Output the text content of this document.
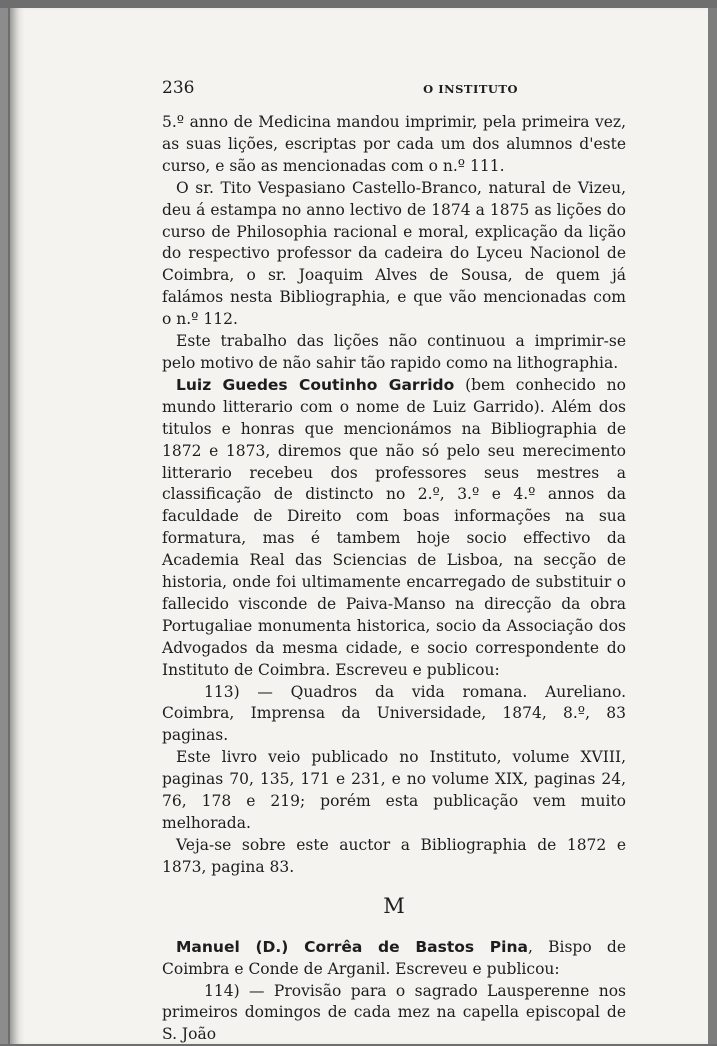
236	O INSTITUTO

5.º anno de Medicina mandou imprimir, pela primeira vez, as suas lições, escriptas por cada um dos alumnos d'este curso, e são as mencionadas com o n.º 111.

O sr. Tito Vespasiano Castello-Branco, natural de Vizeu, deu á estampa no anno lectivo de 1874 a 1875 as lições do curso de Philosophia racional e moral, explicação da lição do respectivo professor da cadeira do Lyceu Nacionol de Coimbra, o sr. Joaquim Alves de Sousa, de quem já falámos nesta Bibliographia, e que vão mencionadas com o n.º 112.

Este trabalho das lições não continuou a imprimir-se pelo motivo de não sahir tão rapido como na lithographia.

Luiz Guedes Coutinho Garrido (bem conhecido no mundo litterario com o nome de Luiz Garrido). Além dos titulos e honras que mencionámos na Bibliographia de 1872 e 1873, diremos que não só pelo seu merecimento litterario recebeu dos professores seus mestres a classificação de distincto no 2.º, 3.º e 4.º annos da faculdade de Direito com boas informações na sua formatura, mas é tambem hoje socio effectivo da Academia Real das Sciencias de Lisboa, na secção de historia, onde foi ultimamente encarregado de substituir o fallecido visconde de Paiva-Manso na direcção da obra Portugaliae monumenta historica, socio da Associação dos Advogados da mesma cidade, e socio correspondente do Instituto de Coimbra. Escreveu e publicou:

113) — Quadros da vida romana. Aureliano. Coimbra, Imprensa da Universidade, 1874, 8.º, 83 paginas.

Este livro veio publicado no Instituto, volume XVIII, paginas 70, 135, 171 e 231, e no volume XIX, paginas 24, 76, 178 e 219; porém esta publicação vem muito melhorada.

Veja-se sobre este auctor a Bibliographia de 1872 e 1873, pagina 83.

M

Manuel (D.) Corrêa de Bastos Pina, Bispo de Coimbra e Conde de Arganil. Escreveu e publicou:

114) — Provisão para o sagrado Lausperenne nos primeiros domingos de cada mez na capella episcopal de S. João
